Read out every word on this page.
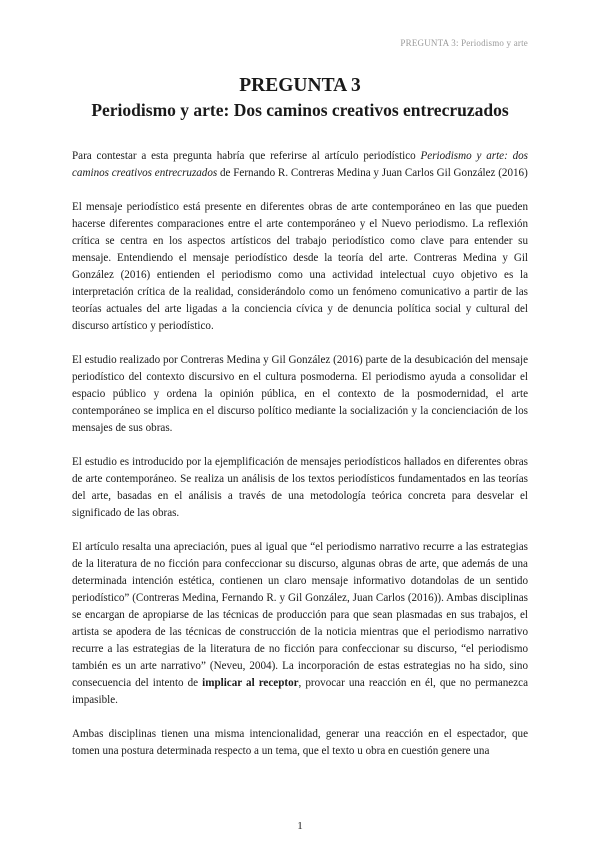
PREGUNTA 3: Periodismo y arte
PREGUNTA 3
Periodismo y arte: Dos caminos creativos entrecruzados

Para contestar a esta pregunta habría que referirse al artículo periodístico Periodismo y arte: dos caminos creativos entrecruzados de Fernando R. Contreras Medina y Juan Carlos Gil González (2016)

El mensaje periodístico está presente en diferentes obras de arte contemporáneo en las que pueden hacerse diferentes comparaciones entre el arte contemporáneo y el Nuevo periodismo. La reflexión crítica se centra en los aspectos artísticos del trabajo periodístico como clave para entender su mensaje. Entendiendo el mensaje periodístico desde la teoría del arte. Contreras Medina y Gil González (2016) entienden el periodismo como una actividad intelectual cuyo objetivo es la interpretación crítica de la realidad, considerándolo como un fenómeno comunicativo a partir de las teorías actuales del arte ligadas a la conciencia cívica y de denuncia política social y cultural del discurso artístico y periodístico.

El estudio realizado por Contreras Medina y Gil González (2016) parte de la desubicación del mensaje periodístico del contexto discursivo en el cultura posmoderna. El periodismo ayuda a consolidar el espacio público y ordena la opinión pública, en el contexto de la posmodernidad, el arte contemporáneo se implica en el discurso político mediante la socialización y la concienciación de los mensajes de sus obras.

El estudio es introducido por la ejemplificación de mensajes periodísticos hallados en diferentes obras de arte contemporáneo. Se realiza un análisis de los textos periodísticos fundamentados en las teorías del arte, basadas en el análisis a través de una metodología teórica concreta para desvelar el significado de las obras.

El artículo resalta una apreciación, pues al igual que “el periodismo narrativo recurre a las estrategias de la literatura de no ficción para confeccionar su discurso, algunas obras de arte, que además de una determinada intención estética, contienen un claro mensaje informativo dotandolas de un sentido periodístico” (Contreras Medina, Fernando R. y Gil González, Juan Carlos (2016)). Ambas disciplinas se encargan de apropiarse de las técnicas de producción para que sean plasmadas en sus trabajos, el artista se apodera de las técnicas de construcción de la noticia mientras que el periodismo narrativo recurre a las estrategias de la literatura de no ficción para confeccionar su discurso, “el periodismo también es un arte narrativo” (Neveu, 2004). La incorporación de estas estrategias no ha sido, sino consecuencia del intento de implicar al receptor, provocar una reacción en él, que no permanezca impasible.

Ambas disciplinas tienen una misma intencionalidad, generar una reacción en el espectador, que tomen una postura determinada respecto a un tema, que el texto u obra en cuestión genere una

1
